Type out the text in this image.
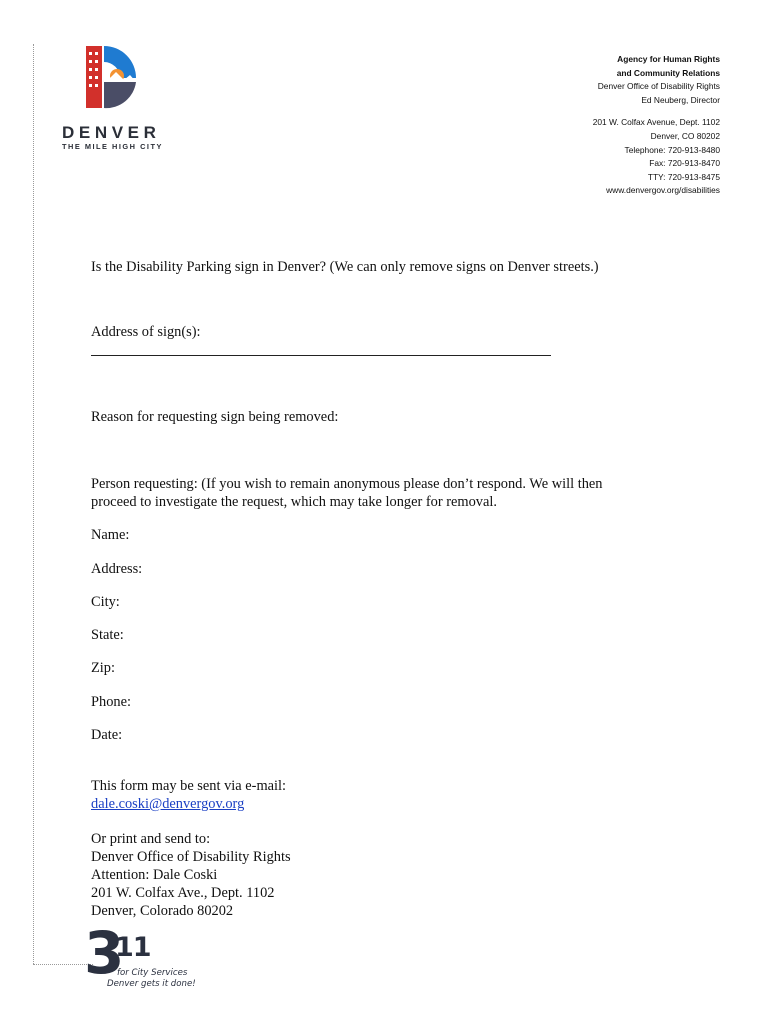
DENVER
THE MILE HIGH CITY
Agency for Human Rights
and Community Relations
Denver Office of Disability Rights
Ed Neuberg, Director
201 W. Colfax Avenue, Dept. 1102
Denver, CO 80202
Telephone: 720-913-8480
Fax: 720-913-8470
TTY: 720-913-8475
www.denvergov.org/disabilities
Is the Disability Parking sign in Denver? (We can only remove signs on Denver streets.)
Address of sign(s):
Reason for requesting sign being removed:
Person requesting: (If you wish to remain anonymous please don’t respond. We will then
proceed to investigate the request, which may take longer for removal.
Name:
Address:
City:
State:
Zip:
Phone:
Date:
This form may be sent via e-mail:
dale.coski@denvergov.org
Or print and send to:
Denver Office of Disability Rights
Attention: Dale Coski
201 W. Colfax Ave., Dept. 1102
Denver, Colorado 80202
3
11
for City Services
Denver gets it done!
